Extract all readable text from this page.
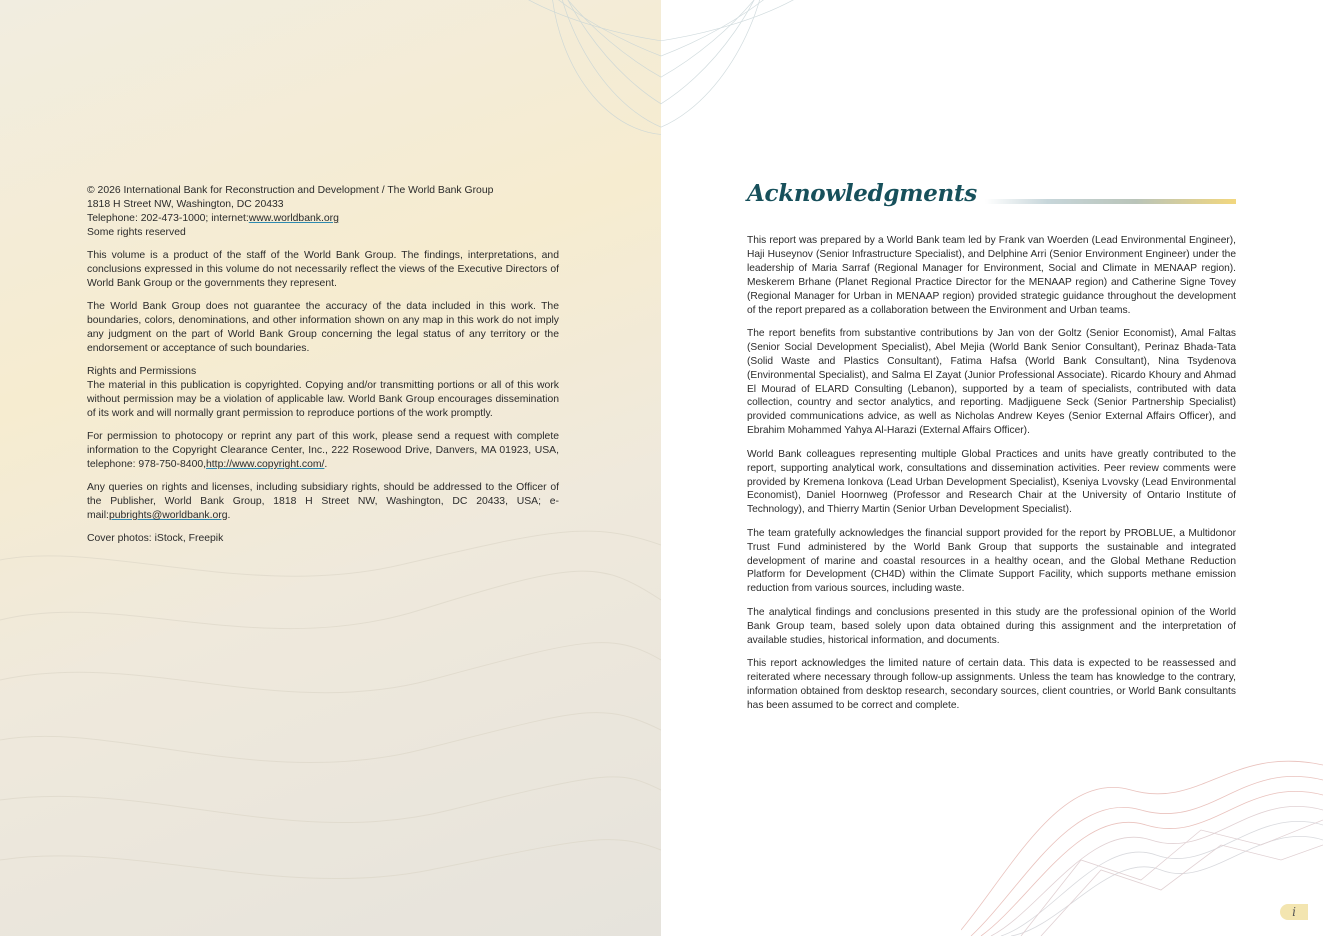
© 2026 International Bank for Reconstruction and Development / The World Bank Group

1818 H Street NW, Washington, DC 20433

Telephone: 202-473-1000; internet:www.worldbank.org

Some rights reserved

This volume is a product of the staff of the World Bank Group. The findings, interpretations, and conclusions expressed in this volume do not necessarily reflect the views of the Executive Directors of World Bank Group or the governments they represent.

The World Bank Group does not guarantee the accuracy of the data included in this work. The boundaries, colors, denominations, and other information shown on any map in this work do not imply any judgment on the part of World Bank Group concerning the legal status of any territory or the endorsement or acceptance of such boundaries.

Rights and Permissions

The material in this publication is copyrighted. Copying and/or transmitting portions or all of this work without permission may be a violation of applicable law. World Bank Group encourages dissemination of its work and will normally grant permission to reproduce portions of the work promptly.

For permission to photocopy or reprint any part of this work, please send a request with complete information to the Copyright Clearance Center, Inc., 222 Rosewood Drive, Danvers, MA 01923, USA, telephone: 978-750-8400,http://www.copyright.com/.

Any queries on rights and licenses, including subsidiary rights, should be addressed to the Officer of the Publisher, World Bank Group, 1818 H Street NW, Washington, DC 20433, USA; e-mail:pubrights@worldbank.org.

Cover photos: iStock, Freepik

Acknowledgments

This report was prepared by a World Bank team led by Frank van Woerden (Lead Environmental Engineer), Haji Huseynov (Senior Infrastructure Specialist), and Delphine Arri (Senior Environment Engineer) under the leadership of Maria Sarraf (Regional Manager for Environment, Social and Climate in MENAAP region). Meskerem Brhane (Planet Regional Practice Director for the MENAAP region) and Catherine Signe Tovey (Regional Manager for Urban in MENAAP region) provided strategic guidance throughout the development of the report prepared as a collaboration between the Environment and Urban teams.

The report benefits from substantive contributions by Jan von der Goltz (Senior Economist), Amal Faltas (Senior Social Development Specialist), Abel Mejia (World Bank Senior Consultant), Perinaz Bhada-Tata (Solid Waste and Plastics Consultant), Fatima Hafsa (World Bank Consultant), Nina Tsydenova (Environmental Specialist), and Salma El Zayat (Junior Professional Associate). Ricardo Khoury and Ahmad El Mourad of ELARD Consulting (Lebanon), supported by a team of specialists, contributed with data collection, country and sector analytics, and reporting. Madjiguene Seck (Senior Partnership Specialist) provided communications advice, as well as Nicholas Andrew Keyes (Senior External Affairs Officer), and Ebrahim Mohammed Yahya Al-Harazi (External Affairs Officer).

World Bank colleagues representing multiple Global Practices and units have greatly contributed to the report, supporting analytical work, consultations and dissemination activities. Peer review comments were provided by Kremena Ionkova (Lead Urban Development Specialist), Kseniya Lvovsky (Lead Environmental Economist), Daniel Hoornweg (Professor and Research Chair at the University of Ontario Institute of Technology), and Thierry Martin (Senior Urban Development Specialist).

The team gratefully acknowledges the financial support provided for the report by PROBLUE, a Multidonor Trust Fund administered by the World Bank Group that supports the sustainable and integrated development of marine and coastal resources in a healthy ocean, and the Global Methane Reduction Platform for Development (CH4D) within the Climate Support Facility, which supports methane emission reduction from various sources, including waste.

The analytical findings and conclusions presented in this study are the professional opinion of the World Bank Group team, based solely upon data obtained during this assignment and the interpretation of available studies, historical information, and documents.

This report acknowledges the limited nature of certain data. This data is expected to be reassessed and reiterated where necessary through follow-up assignments. Unless the team has knowledge to the contrary, information obtained from desktop research, secondary sources, client countries, or World Bank consultants has been assumed to be correct and complete.

i
